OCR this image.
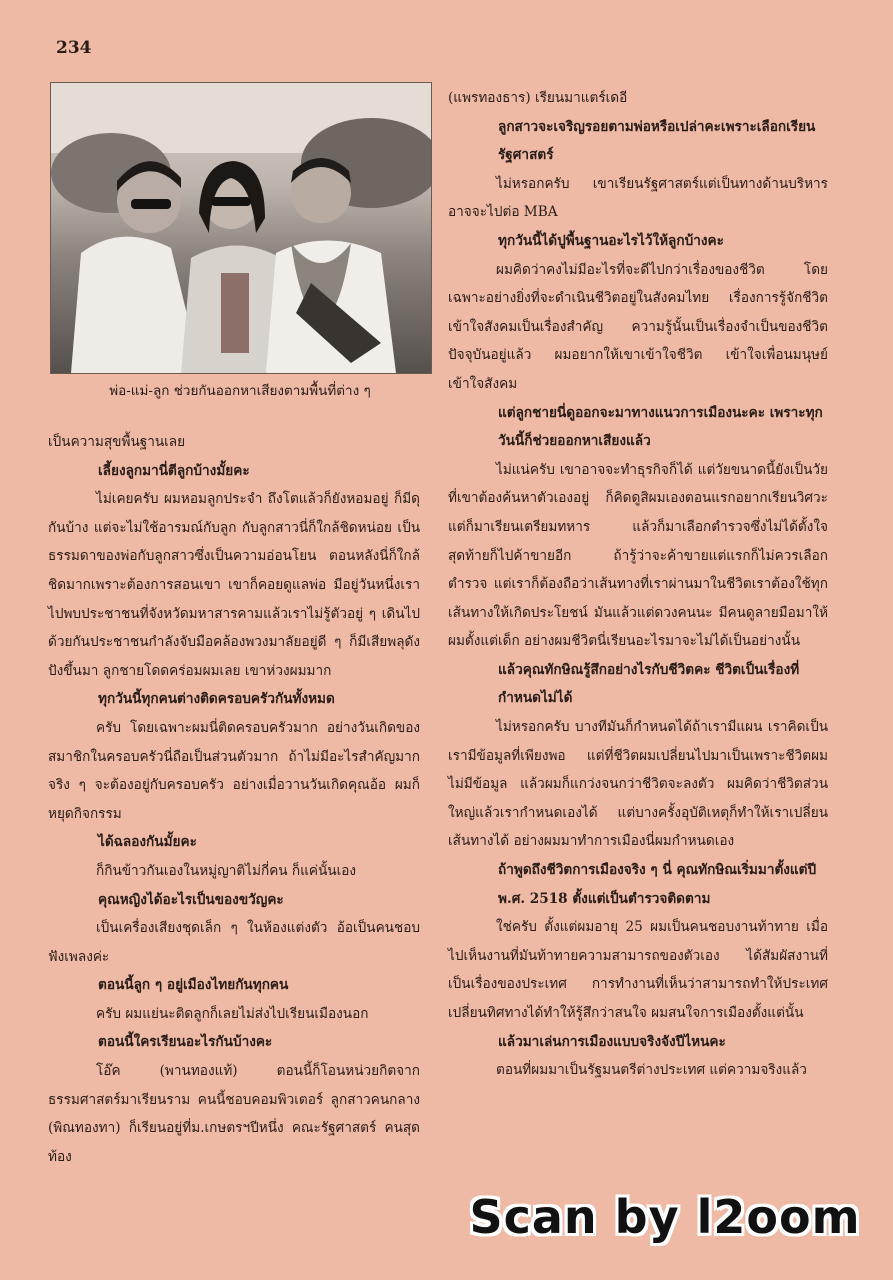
234
พ่อ-แม่-ลูก ช่วยกันออกหาเสียงตามพื้นที่ต่าง ๆ

เป็นความสุขพื้นฐานเลย

เลี้ยงลูกมานี่ตีลูกบ้างมั้ยคะ

ไม่เคยครับ ผมหอมลูกประจำ ถึงโตแล้วก็ยังหอมอยู่ ก็มีดุกันบ้าง แต่จะไม่ใช้อารมณ์กับลูก กับลูกสาวนี่ก็ใกล้ชิดหน่อย เป็นธรรมดาของพ่อกับลูกสาวซึ่งเป็นความอ่อนโยน ตอนหลังนี่ก็ใกล้ชิดมากเพราะต้องการสอนเขา เขาก็คอยดูแลพ่อ มีอยู่วันหนึ่งเราไปพบประชาชนที่จังหวัดมหาสารคามแล้วเราไม่รู้ตัวอยู่ ๆ เดินไปด้วยกันประชาชนกำลังจับมือคล้องพวงมาลัยอยู่ดี ๆ ก็มีเสียพลุดังปังขึ้นมา ลูกชายโดดคร่อมผมเลย เขาห่วงผมมาก

ทุกวันนี้ทุกคนต่างติดครอบครัวกันทั้งหมด

ครับ โดยเฉพาะผมนี่ติดครอบครัวมาก อย่างวันเกิดของสมาชิกในครอบครัวนี่ถือเป็นส่วนตัวมาก ถ้าไม่มีอะไรสำคัญมากจริง ๆ จะต้องอยู่กับครอบครัว อย่างเมื่อวานวันเกิดคุณอ้อ ผมก็หยุดกิจกรรม

ได้ฉลองกันมั้ยคะ

ก็กินข้าวกันเองในหมู่ญาติไม่กี่คน ก็แค่นั้นเอง

คุณหญิงได้อะไรเป็นของขวัญคะ

เป็นเครื่องเสียงชุดเล็ก ๆ ในห้องแต่งตัว อ้อเป็นคนชอบฟังเพลงค่ะ

ตอนนี้ลูก ๆ อยู่เมืองไทยกันทุกคน

ครับ ผมแย่นะติดลูกก็เลยไม่ส่งไปเรียนเมืองนอก

ตอนนี้ใครเรียนอะไรกันบ้างคะ

โอ๊ค (พานทองแท้) ตอนนี้ก็โอนหน่วยกิตจากธรรมศาสตร์มาเรียนราม คนนี้ชอบคอมพิวเตอร์ ลูกสาวคนกลาง (พิณทองทา) ก็เรียนอยู่ที่ม.เกษตรฯปีหนึ่ง คณะรัฐศาสตร์ คนสุดท้อง

(แพรทองธาร) เรียนมาแตร์เดอี

ลูกสาวจะเจริญรอยตามพ่อหรือเปล่าคะเพราะเลือกเรียนรัฐศาสตร์

ไม่หรอกครับ เขาเรียนรัฐศาสตร์แต่เป็นทางด้านบริหาร อาจจะไปต่อ MBA

ทุกวันนี้ได้ปูพื้นฐานอะไรไว้ให้ลูกบ้างคะ

ผมคิดว่าคงไม่มีอะไรที่จะดีไปกว่าเรื่องของชีวิต โดยเฉพาะอย่างยิ่งที่จะดำเนินชีวิตอยู่ในสังคมไทย เรื่องการรู้จักชีวิต เข้าใจสังคมเป็นเรื่องสำคัญ ความรู้นั้นเป็นเรื่องจำเป็นของชีวิตปัจจุบันอยู่แล้ว ผมอยากให้เขาเข้าใจชีวิต เข้าใจเพื่อนมนุษย์ เข้าใจสังคม

แต่ลูกชายนี่ดูออกจะมาทางแนวการเมืองนะคะ เพราะทุกวันนี้ก็ช่วยออกหาเสียงแล้ว

ไม่แน่ครับ เขาอาจจะทำธุรกิจก็ได้ แต่วัยขนาดนี้ยังเป็นวัยที่เขาต้องค้นหาตัวเองอยู่ ก็คิดดูสิผมเองตอนแรกอยากเรียนวิศวะ แต่ก็มาเรียนเตรียมทหาร แล้วก็มาเลือกตำรวจซึ่งไม่ได้ตั้งใจ สุดท้ายก็ไปค้าขายอีก ถ้ารู้ว่าจะค้าขายแต่แรกก็ไม่ควรเลือกตำรวจ แต่เราก็ต้องถือว่าเส้นทางที่เราผ่านมาในชีวิตเราต้องใช้ทุกเส้นทางให้เกิดประโยชน์ มันแล้วแต่ดวงคนนะ มีคนดูลายมือมาให้ผมตั้งแต่เด็ก อย่างผมชีวิตนี่เรียนอะไรมาจะไม่ได้เป็นอย่างนั้น

แล้วคุณทักษิณรู้สึกอย่างไรกับชีวิตคะ ชีวิตเป็นเรื่องที่กำหนดไม่ได้

ไม่หรอกครับ บางทีมันก็กำหนดได้ถ้าเรามีแผน เราคิดเป็น เรามีข้อมูลที่เพียงพอ แต่ที่ชีวิตผมเปลี่ยนไปมาเป็นเพราะชีวิตผมไม่มีข้อมูล แล้วผมก็แกว่งจนกว่าชีวิตจะลงตัว ผมคิดว่าชีวิตส่วนใหญ่แล้วเรากำหนดเองได้ แต่บางครั้งอุบัติเหตุก็ทำให้เราเปลี่ยนเส้นทางได้ อย่างผมมาทำการเมืองนี่ผมกำหนดเอง

ถ้าพูดถึงชีวิตการเมืองจริง ๆ นี่ คุณทักษิณเริ่มมาตั้งแต่ปี พ.ศ. 2518 ตั้งแต่เป็นตำรวจติดตาม

ใช่ครับ ตั้งแต่ผมอายุ 25 ผมเป็นคนชอบงานท้าทาย เมื่อไปเห็นงานที่มันท้าทายความสามารถของตัวเอง ได้สัมผัสงานที่เป็นเรื่องของประเทศ การทำงานที่เห็นว่าสามารถทำให้ประเทศเปลี่ยนทิศทางได้ทำให้รู้สึกว่าสนใจ ผมสนใจการเมืองตั้งแต่นั้น

แล้วมาเล่นการเมืองแบบจริงจังปีไหนคะ

ตอนที่ผมมาเป็นรัฐมนตรีต่างประเทศ แต่ความจริงแล้ว

Scan by l2oom
